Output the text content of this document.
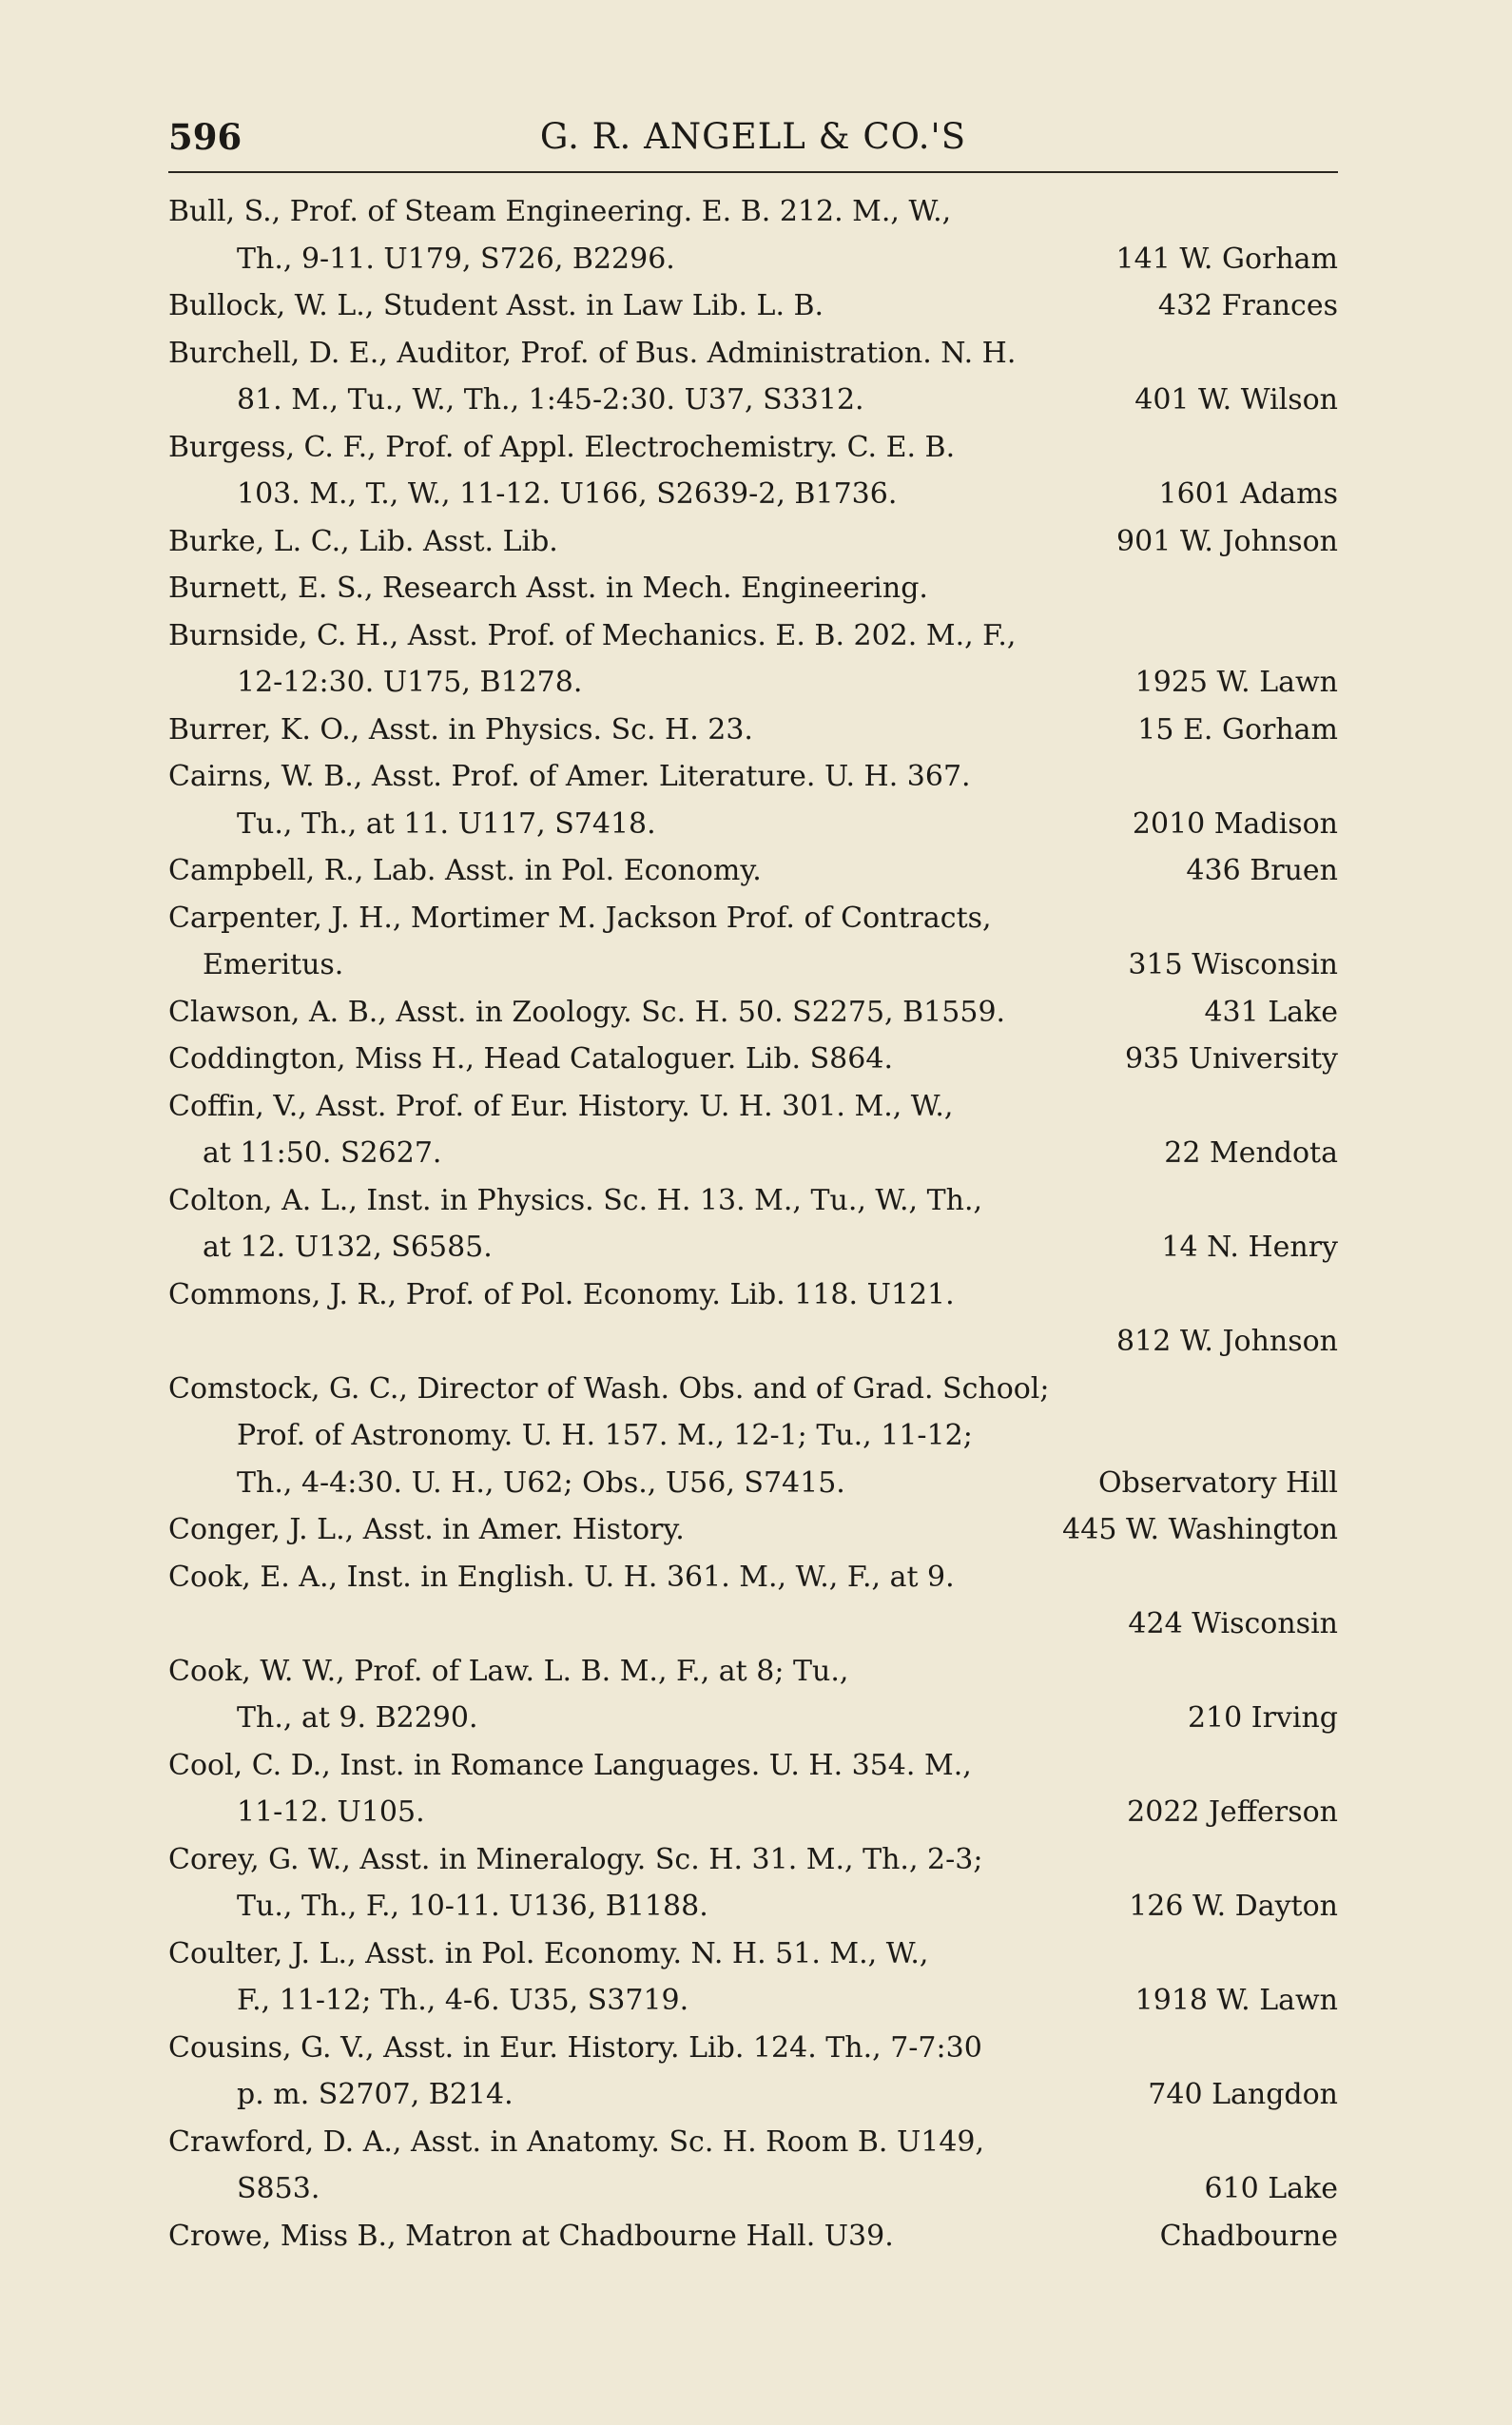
596	G. R. ANGELL & CO.'S
Bull, S., Prof. of Steam Engineering. E. B. 212. M., W.,
Th., 9-11. U179, S726, B2296.	141 W. Gorham
Bullock, W. L., Student Asst. in Law Lib. L. B.	432 Frances
Burchell, D. E., Auditor, Prof. of Bus. Administration. N. H.
81. M., Tu., W., Th., 1:45-2:30. U37, S3312.	401 W. Wilson
Burgess, C. F., Prof. of Appl. Electrochemistry. C. E. B.
103. M., T., W., 11-12. U166, S2639-2, B1736.	1601 Adams
Burke, L. C., Lib. Asst. Lib.	901 W. Johnson
Burnett, E. S., Research Asst. in Mech. Engineering.
Burnside, C. H., Asst. Prof. of Mechanics. E. B. 202. M., F.,
12-12:30. U175, B1278.	1925 W. Lawn
Burrer, K. O., Asst. in Physics. Sc. H. 23.	15 E. Gorham
Cairns, W. B., Asst. Prof. of Amer. Literature. U. H. 367.
Tu., Th., at 11. U117, S7418.	2010 Madison
Campbell, R., Lab. Asst. in Pol. Economy.	436 Bruen
Carpenter, J. H., Mortimer M. Jackson Prof. of Contracts,
Emeritus.	315 Wisconsin
Clawson, A. B., Asst. in Zoology. Sc. H. 50. S2275, B1559.	431 Lake
Coddington, Miss H., Head Cataloguer. Lib. S864.	935 University
Coffin, V., Asst. Prof. of Eur. History. U. H. 301. M., W.,
at 11:50. S2627.	22 Mendota
Colton, A. L., Inst. in Physics. Sc. H. 13. M., Tu., W., Th.,
at 12. U132, S6585.	14 N. Henry
Commons, J. R., Prof. of Pol. Economy. Lib. 118. U121.
812 W. Johnson
Comstock, G. C., Director of Wash. Obs. and of Grad. School;
Prof. of Astronomy. U. H. 157. M., 12-1; Tu., 11-12;
Th., 4-4:30. U. H., U62; Obs., U56, S7415.	Observatory Hill
Conger, J. L., Asst. in Amer. History.	445 W. Washington
Cook, E. A., Inst. in English. U. H. 361. M., W., F., at 9.
424 Wisconsin
Cook, W. W., Prof. of Law. L. B. M., F., at 8; Tu.,
Th., at 9. B2290.	210 Irving
Cool, C. D., Inst. in Romance Languages. U. H. 354. M.,
11-12. U105.	2022 Jefferson
Corey, G. W., Asst. in Mineralogy. Sc. H. 31. M., Th., 2-3;
Tu., Th., F., 10-11. U136, B1188.	126 W. Dayton
Coulter, J. L., Asst. in Pol. Economy. N. H. 51. M., W.,
F., 11-12; Th., 4-6. U35, S3719.	1918 W. Lawn
Cousins, G. V., Asst. in Eur. History. Lib. 124. Th., 7-7:30
p. m. S2707, B214.	740 Langdon
Crawford, D. A., Asst. in Anatomy. Sc. H. Room B. U149,
S853.	610 Lake
Crowe, Miss B., Matron at Chadbourne Hall. U39.	Chadbourne
